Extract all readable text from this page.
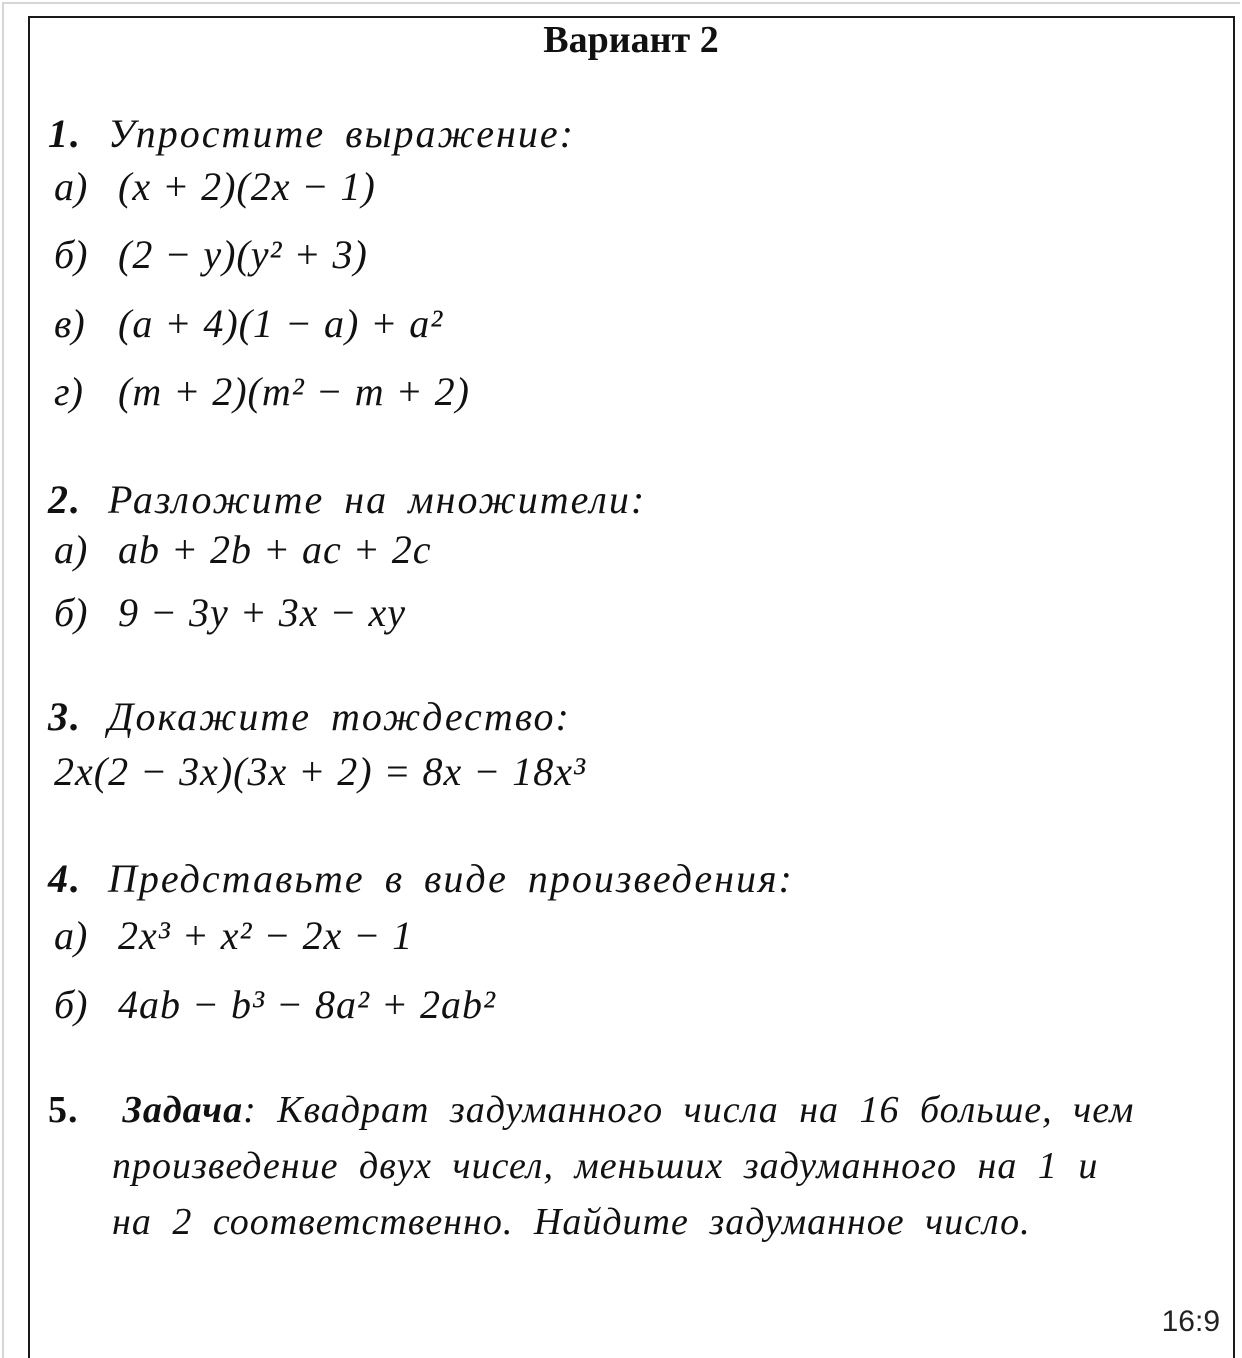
Вариант 2
1. Упростите выражение:
а) (x + 2)(2x − 1)
б) (2 − y)(y² + 3)
в) (a + 4)(1 − a) + a²
г) (m + 2)(m² − m + 2)
2. Разложите на множители:
а) ab + 2b + ac + 2c
б) 9 − 3y + 3x − xy
3. Докажите тождество:
2x(2 − 3x)(3x + 2) = 8x − 18x³
4. Представьте в виде произведения:
а) 2x³ + x² − 2x − 1
б) 4ab − b³ − 8a² + 2ab²
5. Задача: Квадрат задуманного числа на 16 больше, чем
произведение двух чисел, меньших задуманного на 1 и
на 2 соответственно. Найдите задуманное число.
16:9
